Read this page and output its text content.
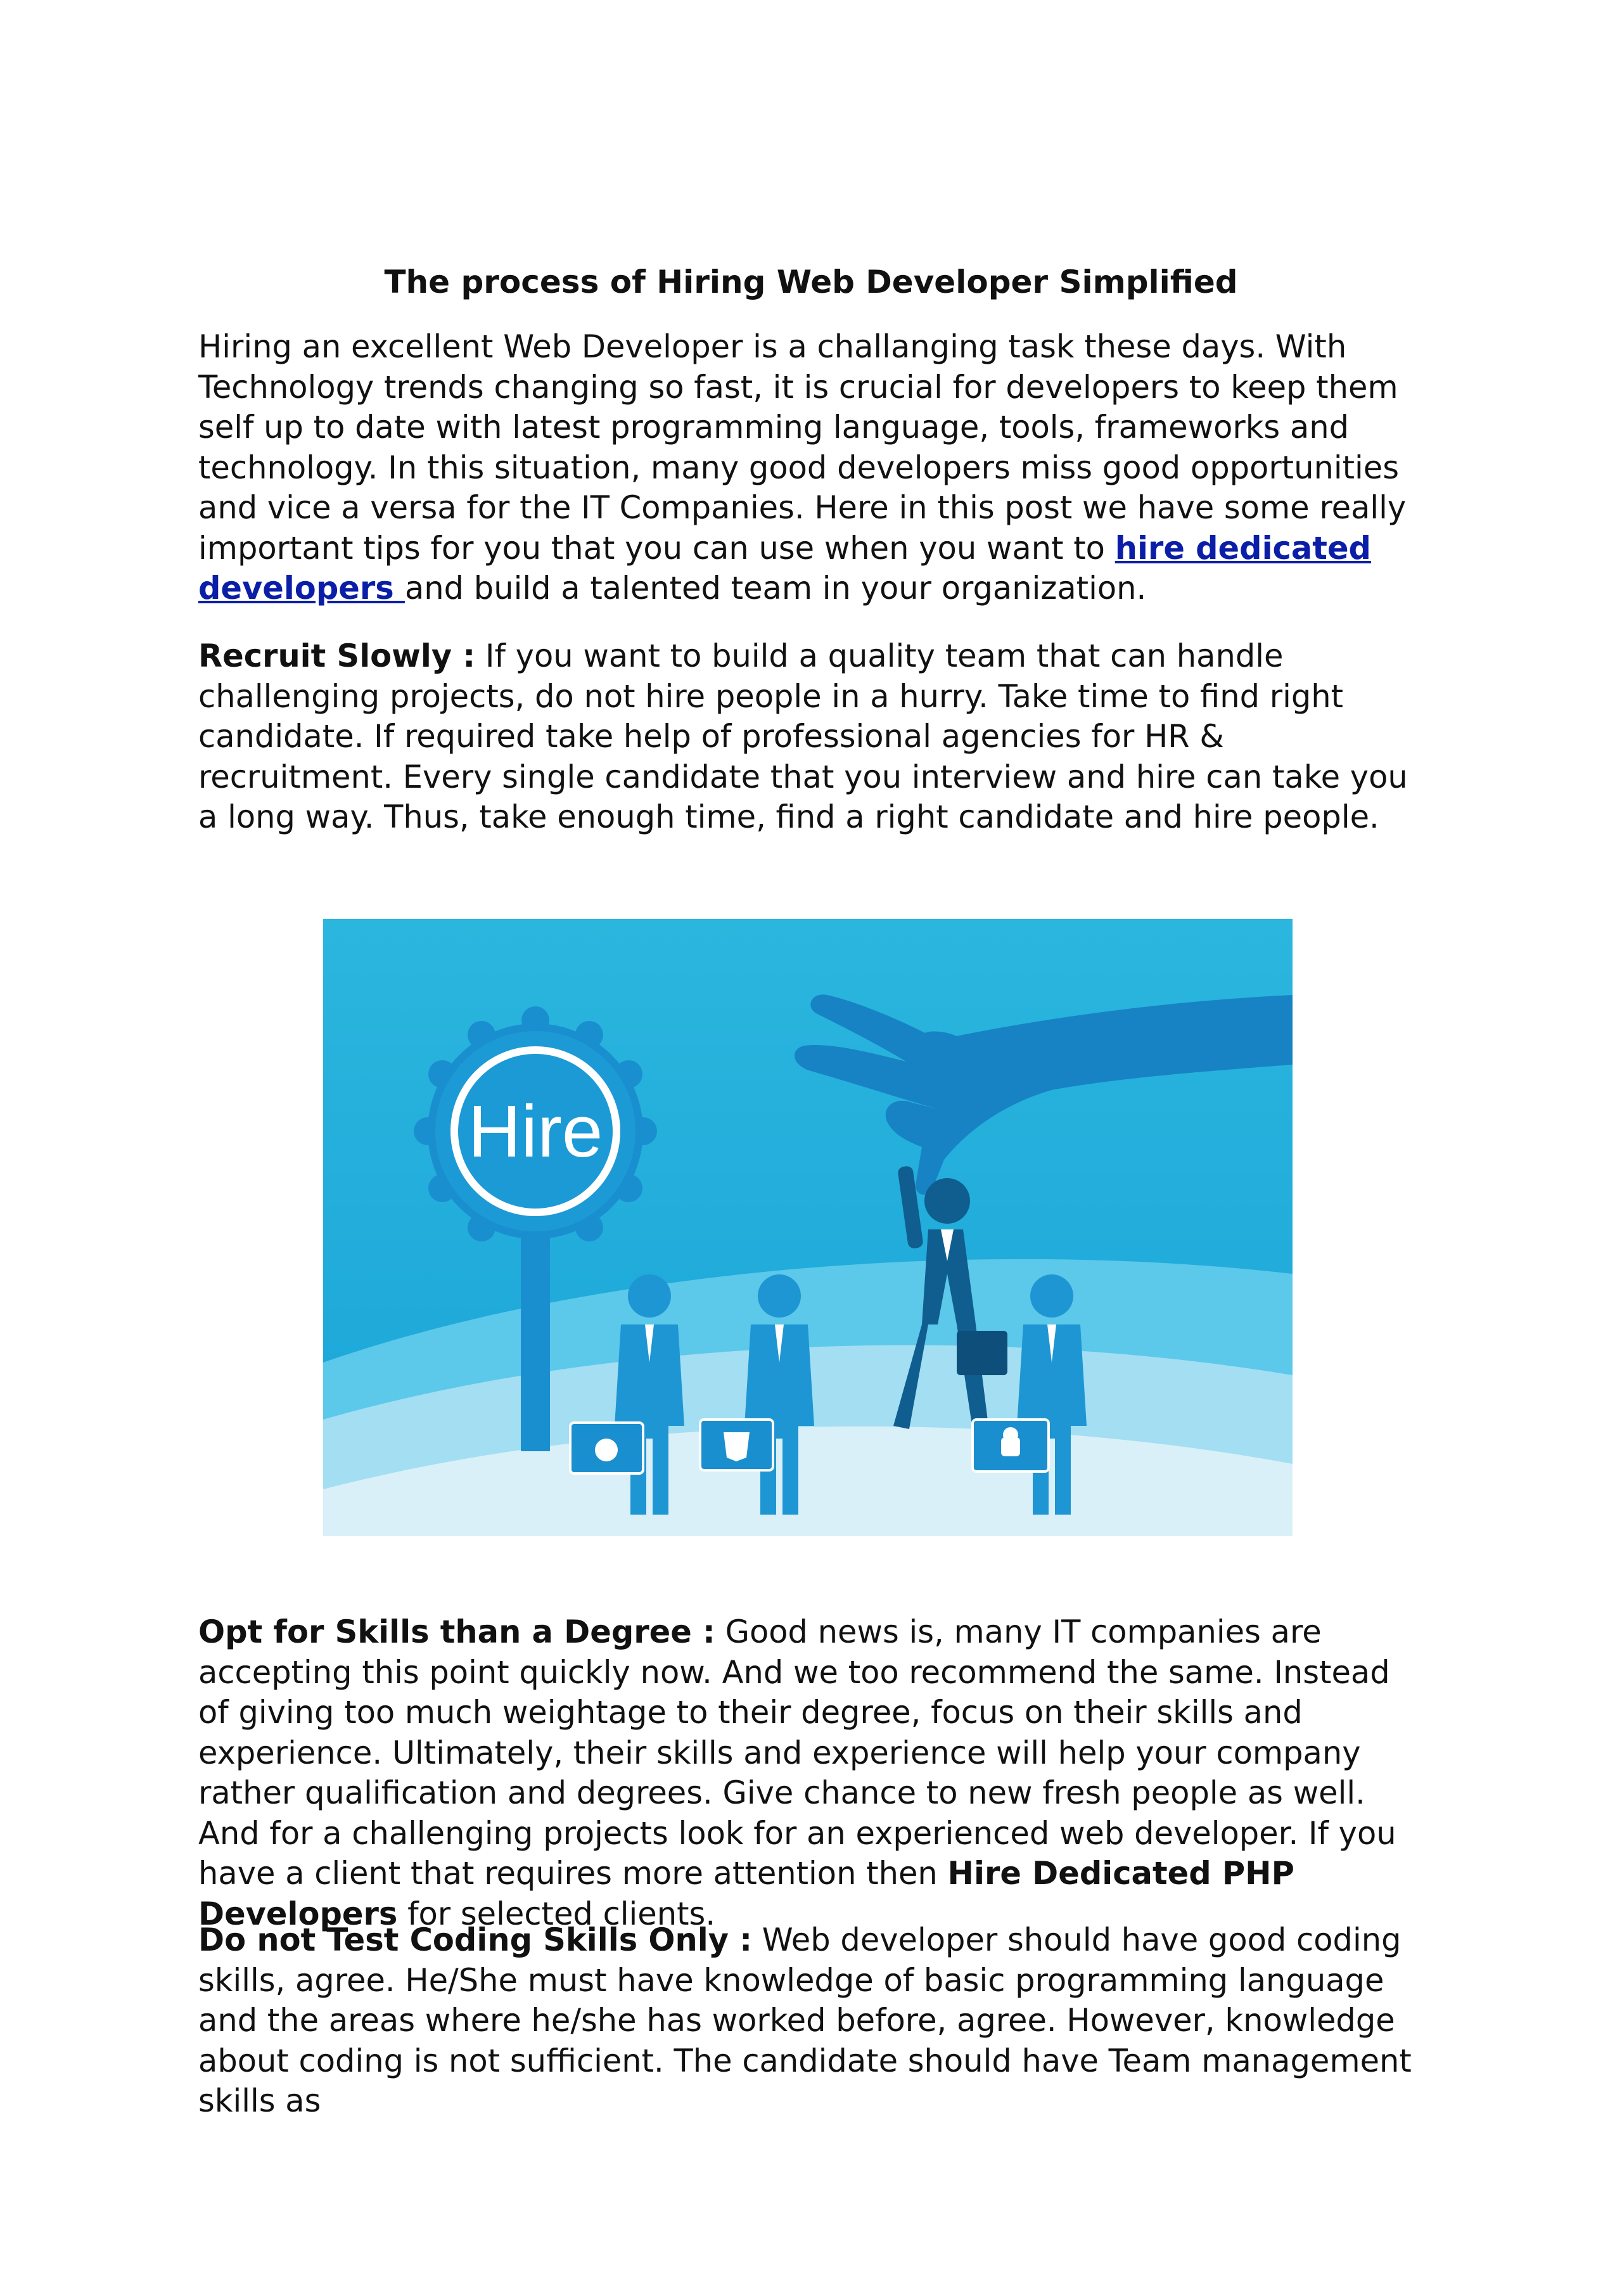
The process of Hiring Web Developer Simplified

Hiring an excellent Web Developer is a challanging task these days. With Technology trends changing so fast, it is crucial for developers to keep them self up to date with latest programming language, tools, frameworks and technology. In this situation, many good developers miss good opportunities and vice a versa for the IT Companies. Here in this post we have some really important tips for you that you can use when you want to hire dedicated developers and build a talented team in your organization.

Recruit Slowly : If you want to build a quality team that can handle challenging projects, do not hire people in a hurry. Take time to find right candidate. If required take help of professional agencies for HR & recruitment. Every single candidate that you interview and hire can take you a long way. Thus, take enough time, find a right candidate and hire people.

Hire

Opt for Skills than a Degree : Good news is, many IT companies are accepting this point quickly now. And we too recommend the same. Instead of giving too much weightage to their degree, focus on their skills and experience. Ultimately, their skills and experience will help your company rather qualification and degrees. Give chance to new fresh people as well. And for a challenging projects look for an experienced web developer. If you have a client that requires more attention then Hire Dedicated PHP Developers for selected clients.

Do not Test Coding Skills Only : Web developer should have good coding skills, agree. He/She must have knowledge of basic programming language and the areas where he/she has worked before, agree. However, knowledge about coding is not sufficient. The candidate should have Team management skills as
